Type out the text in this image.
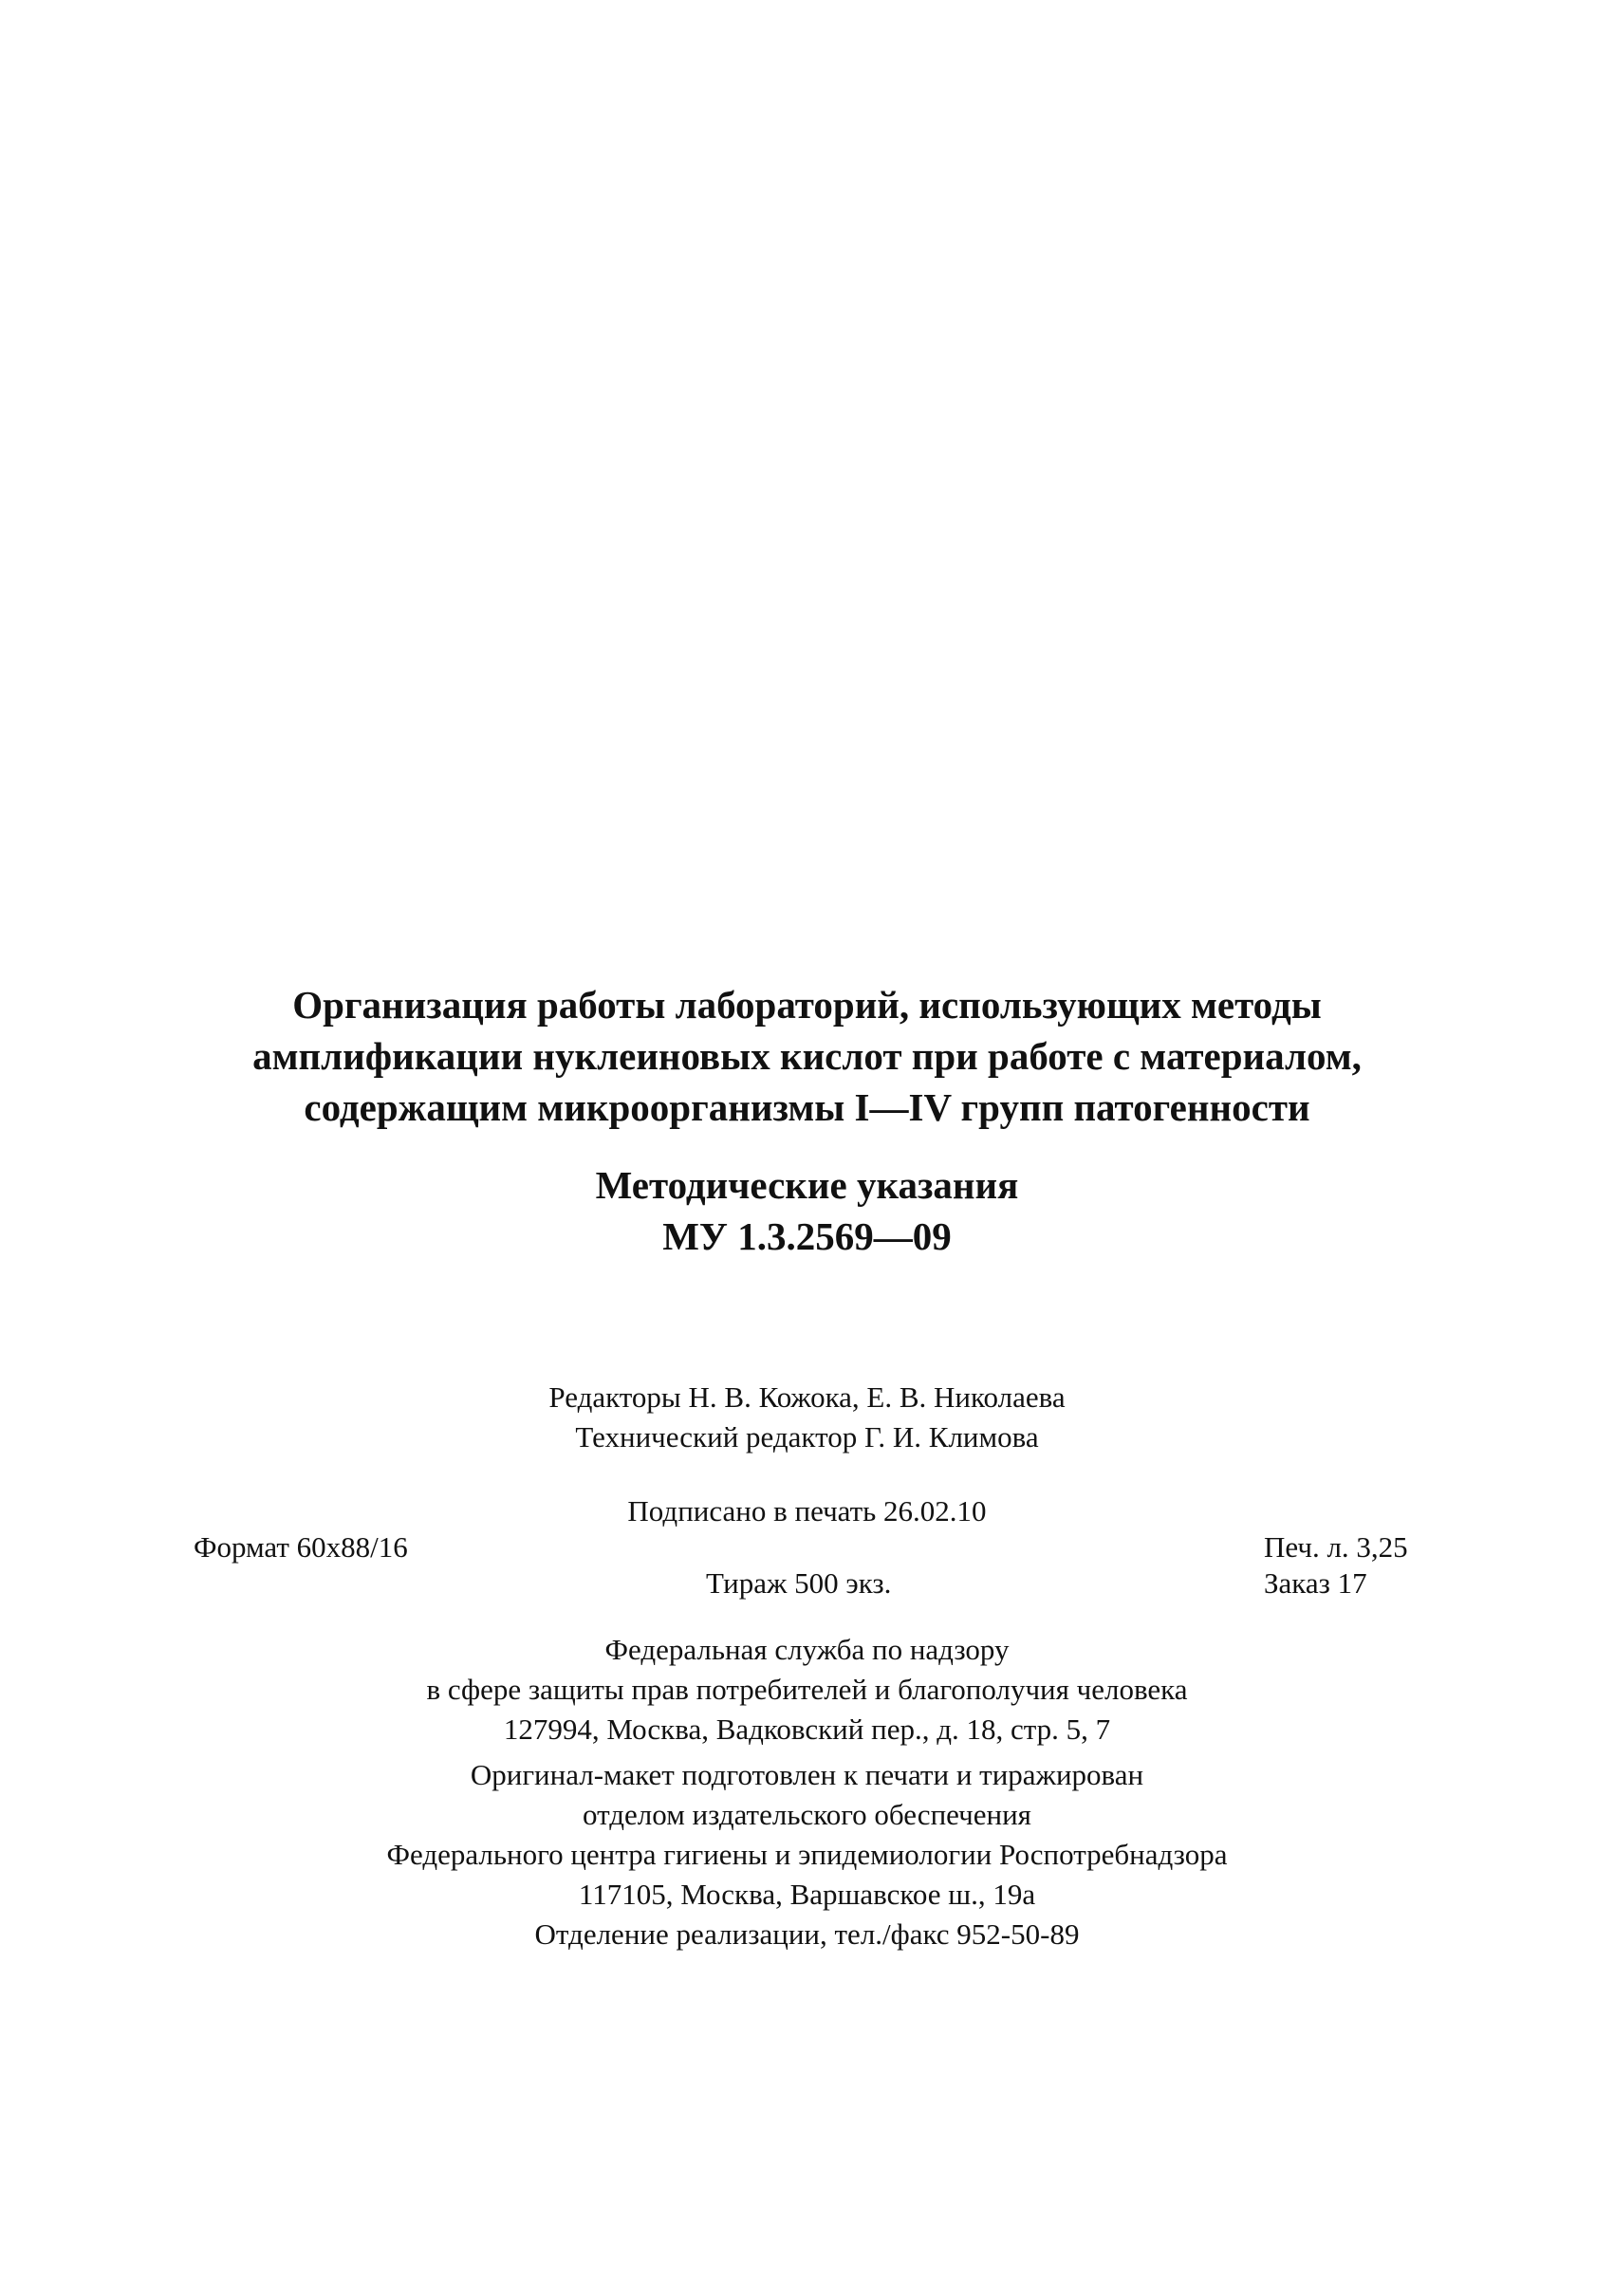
Организация работы лабораторий, использующих методы
амплификации нуклеиновых кислот при работе с материалом,
содержащим микроорганизмы I—IV групп патогенности
Методические указания
МУ 1.3.2569—09
Редакторы Н. В. Кожока, Е. В. Николаева
Технический редактор Г. И. Климова
Подписано в печать 26.02.10
Формат 60x88/16	Печ. л. 3,25
Тираж 500 экз.	Заказ 17
Федеральная служба по надзору
в сфере защиты прав потребителей и благополучия человека
127994, Москва, Вадковский пер., д. 18, стр. 5, 7
Оригинал-макет подготовлен к печати и тиражирован
отделом издательского обеспечения
Федерального центра гигиены и эпидемиологии Роспотребнадзора
117105, Москва, Варшавское ш., 19а
Отделение реализации, тел./факс 952-50-89
